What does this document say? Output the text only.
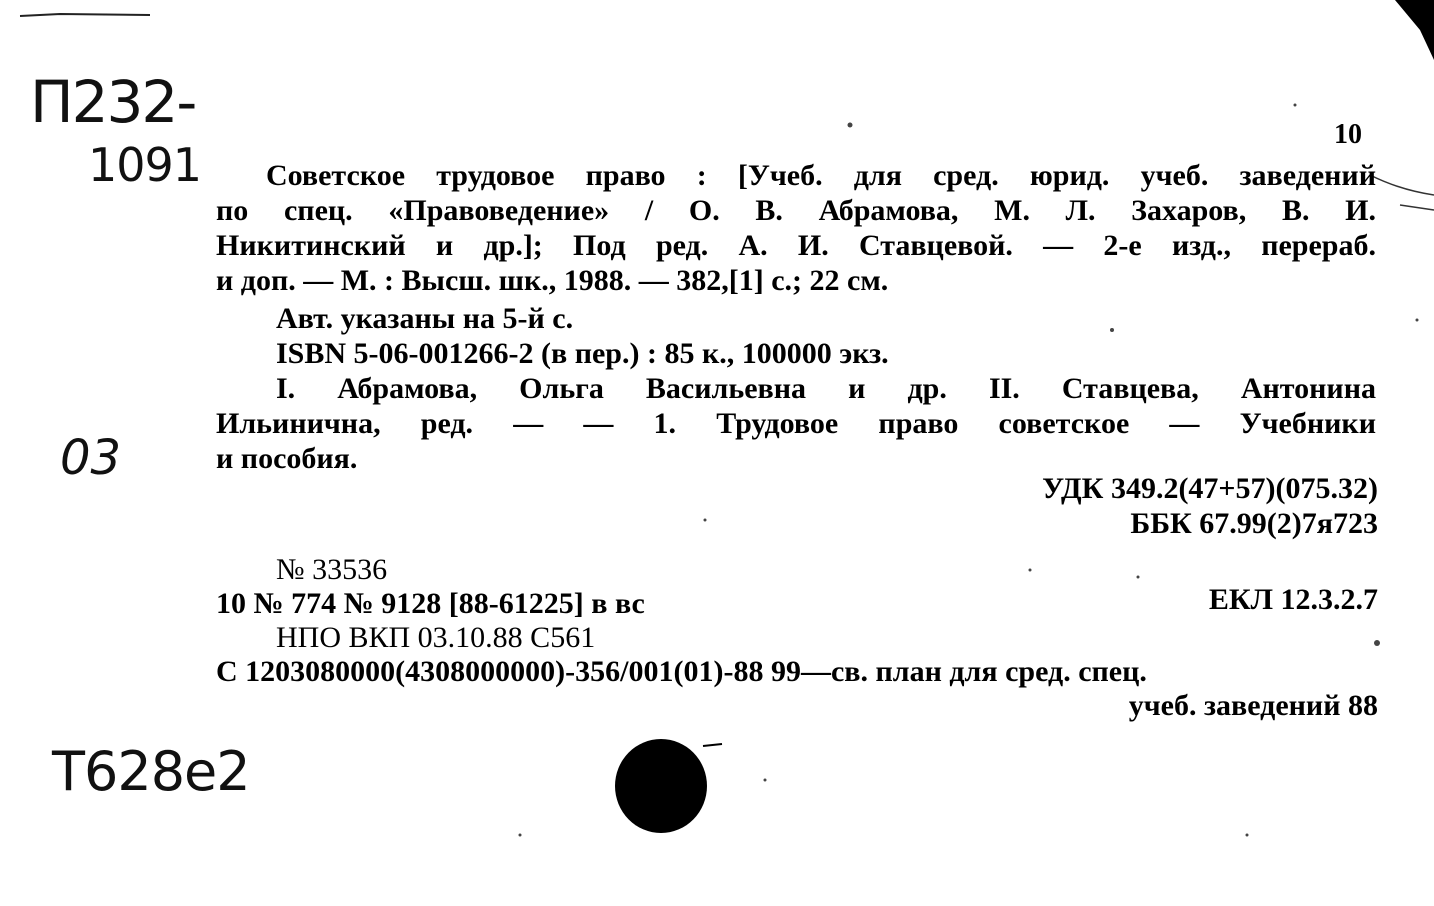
П232-
1091
03
Т628е2
10
Советское трудовое право : [Учеб. для сред. юрид. учеб. заведений
по спец. «Правоведение» / О. В. Абрамова, М. Л. Захаров, В. И.
Никитинский и др.]; Под ред. А. И. Ставцевой. — 2-е изд., перераб.
и доп. — М. : Высш. шк., 1988. — 382,[1] с.; 22 см.
Авт. указаны на 5-й с.
ISBN 5-06-001266-2 (в пер.) : 85 к., 100000 экз.
I. Абрамова, Ольга Васильевна и др. II. Ставцева, Антонина
Ильинична, ред. — — 1. Трудовое право советское — Учебники
и пособия.
УДК 349.2(47+57)(075.32)
ББК 67.99(2)7я723
№ 33536
10 № 774 № 9128 [88-61225] в вс	ЕКЛ 12.3.2.7
НПО ВКП 03.10.88 С561
С 1203080000(4308000000)-356/001(01)-88 99—св. план для сред. спец.
учеб. заведений 88
